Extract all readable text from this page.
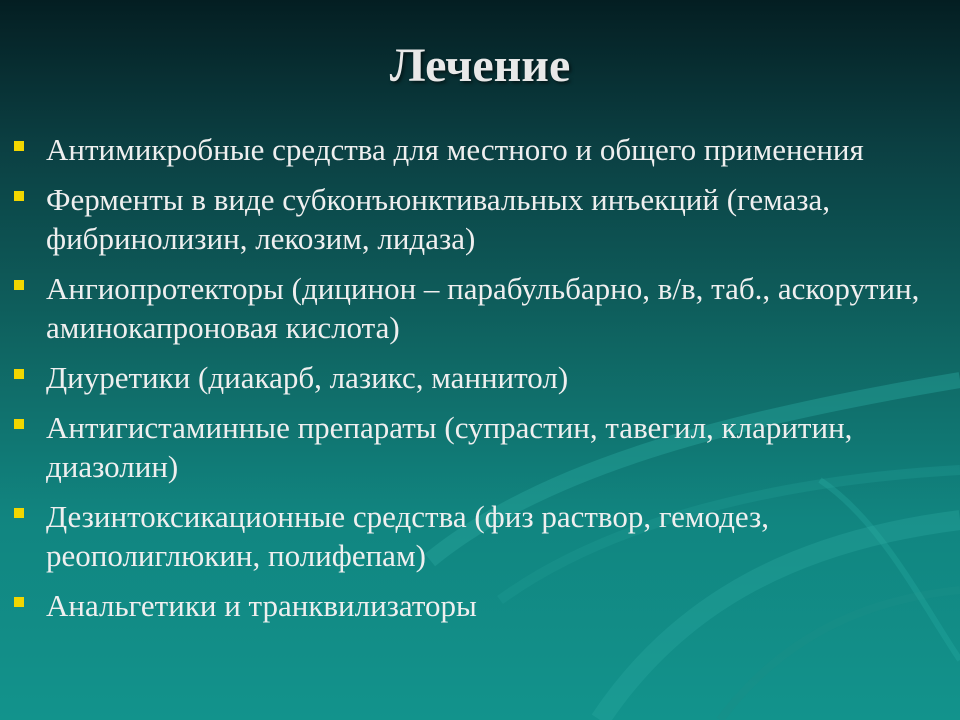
Лечение
Антимикробные средства для местного и общего применения
Ферменты в виде субконъюнктивальных инъекций (гемаза, фибринолизин, лекозим, лидаза)
Ангиопротекторы (дицинон – парабульбарно, в/в, таб., аскорутин, аминокапроновая кислота)
Диуретики (диакарб, лазикс, маннитол)
Антигистаминные препараты (супрастин, тавегил, кларитин, диазолин)
Дезинтоксикационные средства (физ раствор, гемодез, реополиглюкин, полифепам)
Анальгетики и транквилизаторы
